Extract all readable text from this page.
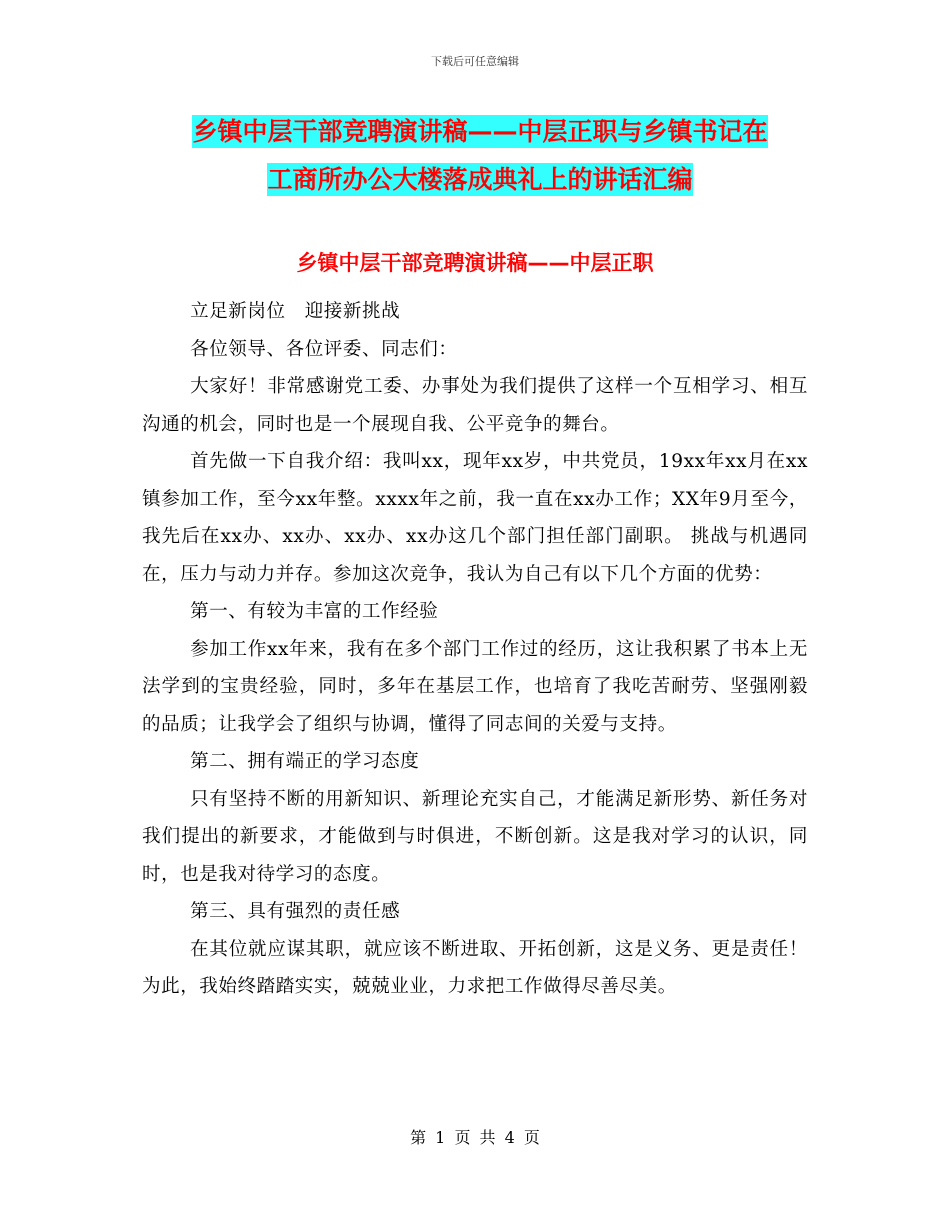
下载后可任意编辑
乡镇中层干部竞聘演讲稿——中层正职与乡镇书记在
工商所办公大楼落成典礼上的讲话汇编
乡镇中层干部竞聘演讲稿——中层正职

立足新岗位　迎接新挑战

各位领导、各位评委、同志们：

大家好！非常感谢党工委、办事处为我们提供了这样一个互相学习、相互沟通的机会，同时也是一个展现自我、公平竞争的舞台。

首先做一下自我介绍：我叫xx，现年xx岁，中共党员，19xx年xx月在xx镇参加工作，至今xx年整。xxxx年之前，我一直在xx办工作；XX年9月至今，我先后在xx办、xx办、xx办、xx办这几个部门担任部门副职。 挑战与机遇同在，压力与动力并存。参加这次竞争，我认为自己有以下几个方面的优势：

第一、有较为丰富的工作经验

参加工作xx年来，我有在多个部门工作过的经历，这让我积累了书本上无法学到的宝贵经验，同时，多年在基层工作，也培育了我吃苦耐劳、坚强刚毅的品质；让我学会了组织与协调，懂得了同志间的关爱与支持。

第二、拥有端正的学习态度

只有坚持不断的用新知识、新理论充实自己，才能满足新形势、新任务对我们提出的新要求，才能做到与时俱进，不断创新。这是我对学习的认识，同时，也是我对待学习的态度。

第三、具有强烈的责任感

在其位就应谋其职，就应该不断进取、开拓创新，这是义务、更是责任！为此，我始终踏踏实实，兢兢业业，力求把工作做得尽善尽美。

第 1 页 共 4 页
